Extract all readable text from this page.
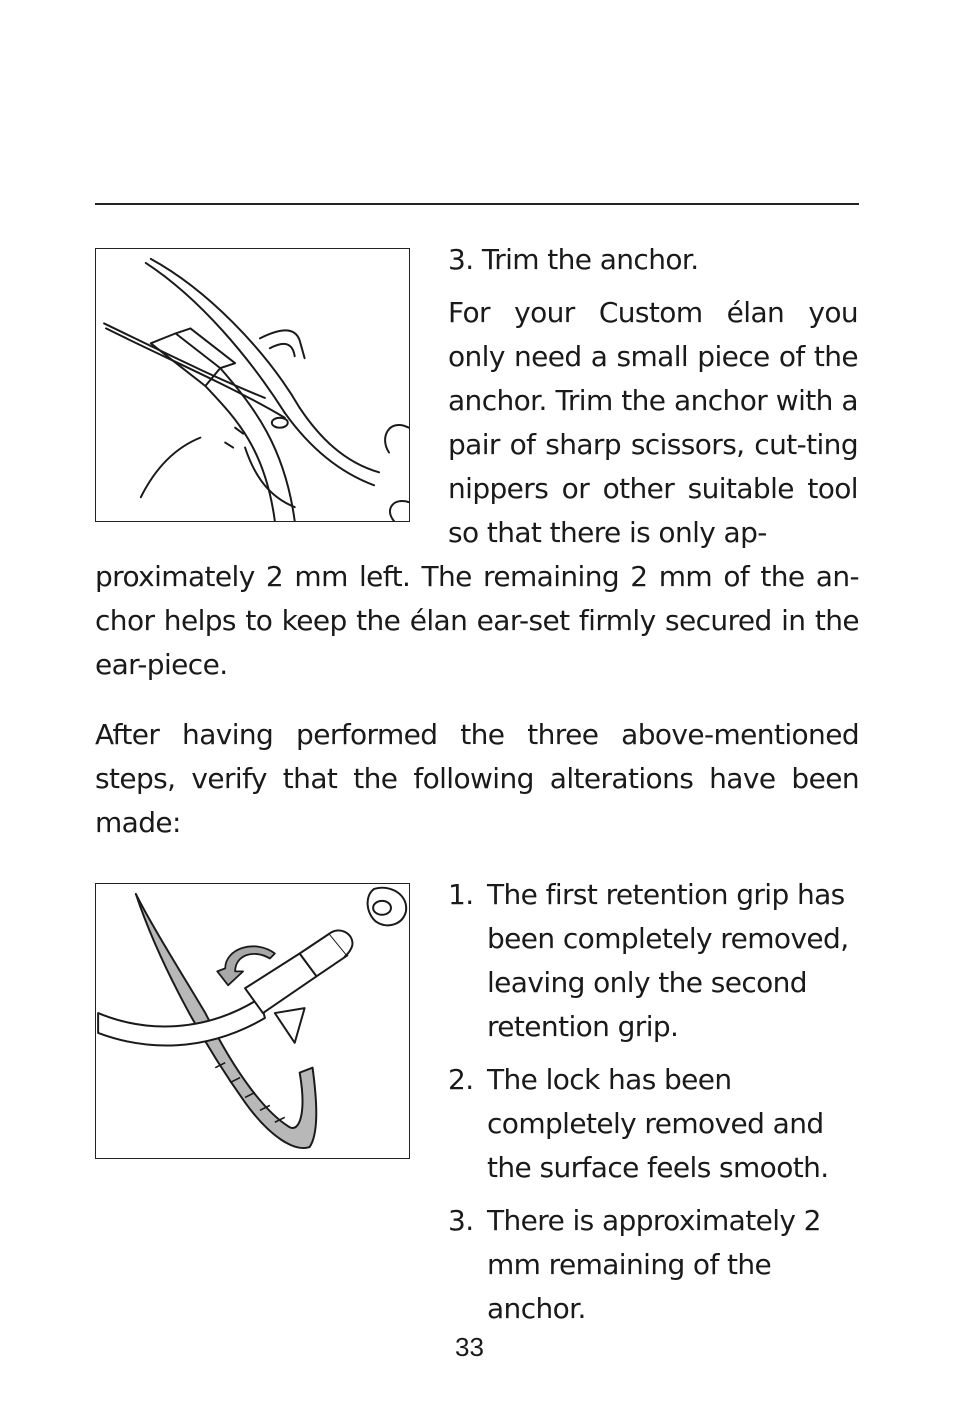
3. Trim the anchor.
For your Custom élan you only need a small piece of the anchor. Trim the anchor with a pair of sharp scissors, cut-ting nippers or other suitable tool so that there is only ap-
proximately 2 mm left. The remaining 2 mm of the an-chor helps to keep the élan ear-set firmly secured in the ear-piece.
After having performed the three above-mentioned steps, verify that the following alterations have been made:
1. The first retention grip has been completely removed, leaving only the second retention grip.
2. The lock has been completely removed and the surface feels smooth.
3. There is approximately 2 mm remaining of the anchor.
33
